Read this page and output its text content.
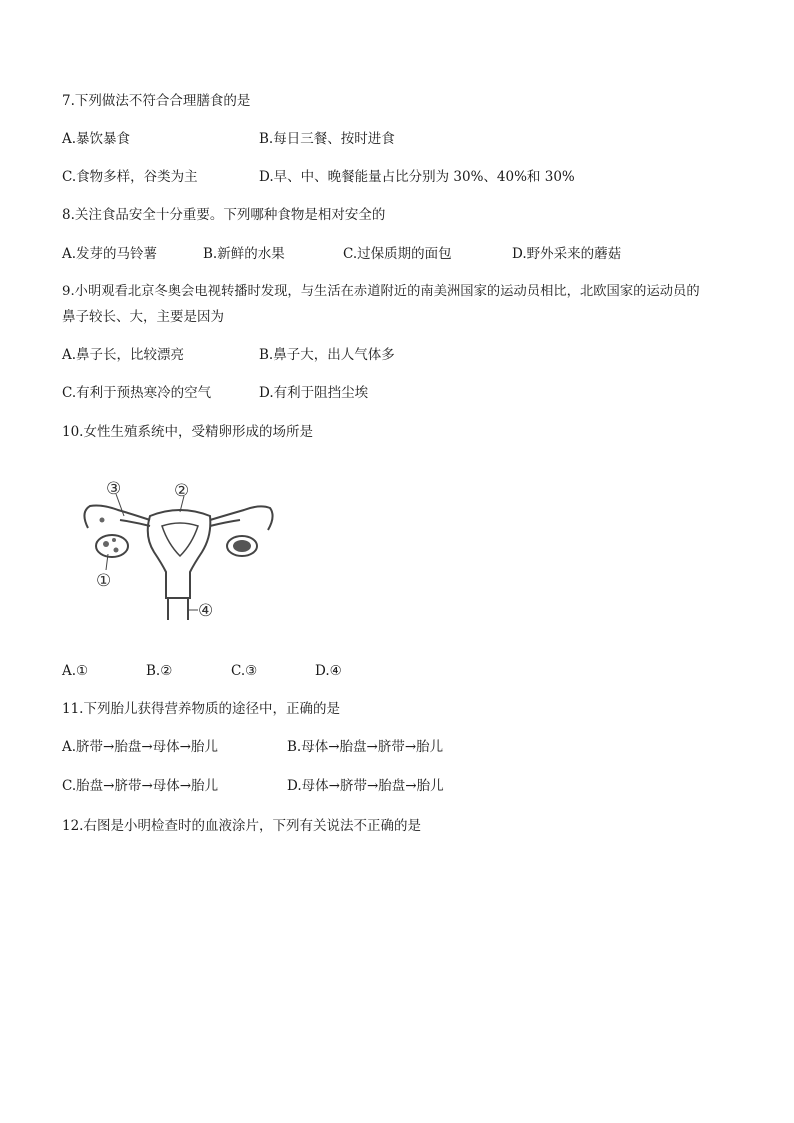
7.下列做法不符合合理膳食的是
A.暴饮暴食	B.每日三餐、按时进食
C.食物多样，谷类为主	D.早、中、晚餐能量占比分别为 30%、40%和 30%
8.关注食品安全十分重要。下列哪种食物是相对安全的
A.发芽的马铃薯	B.新鲜的水果	C.过保质期的面包	D.野外采来的蘑菇
9.小明观看北京冬奥会电视转播时发现，与生活在赤道附近的南美洲国家的运动员相比，北欧国家的运动员的
鼻子较长、大，主要是因为
A.鼻子长，比较漂亮	B.鼻子大，出人气体多
C.有利于预热寒冷的空气	D.有利于阻挡尘埃
10.女性生殖系统中，受精卵形成的场所是
③	②
①
④
A.①	B.②	C.③	D.④
11.下列胎儿获得营养物质的途径中，正确的是
A.脐带→胎盘→母体→胎儿	B.母体→胎盘→脐带→胎儿
C.胎盘→脐带→母体→胎儿	D.母体→脐带→胎盘→胎儿
12.右图是小明检查时的血液涂片，下列有关说法不正确的是
